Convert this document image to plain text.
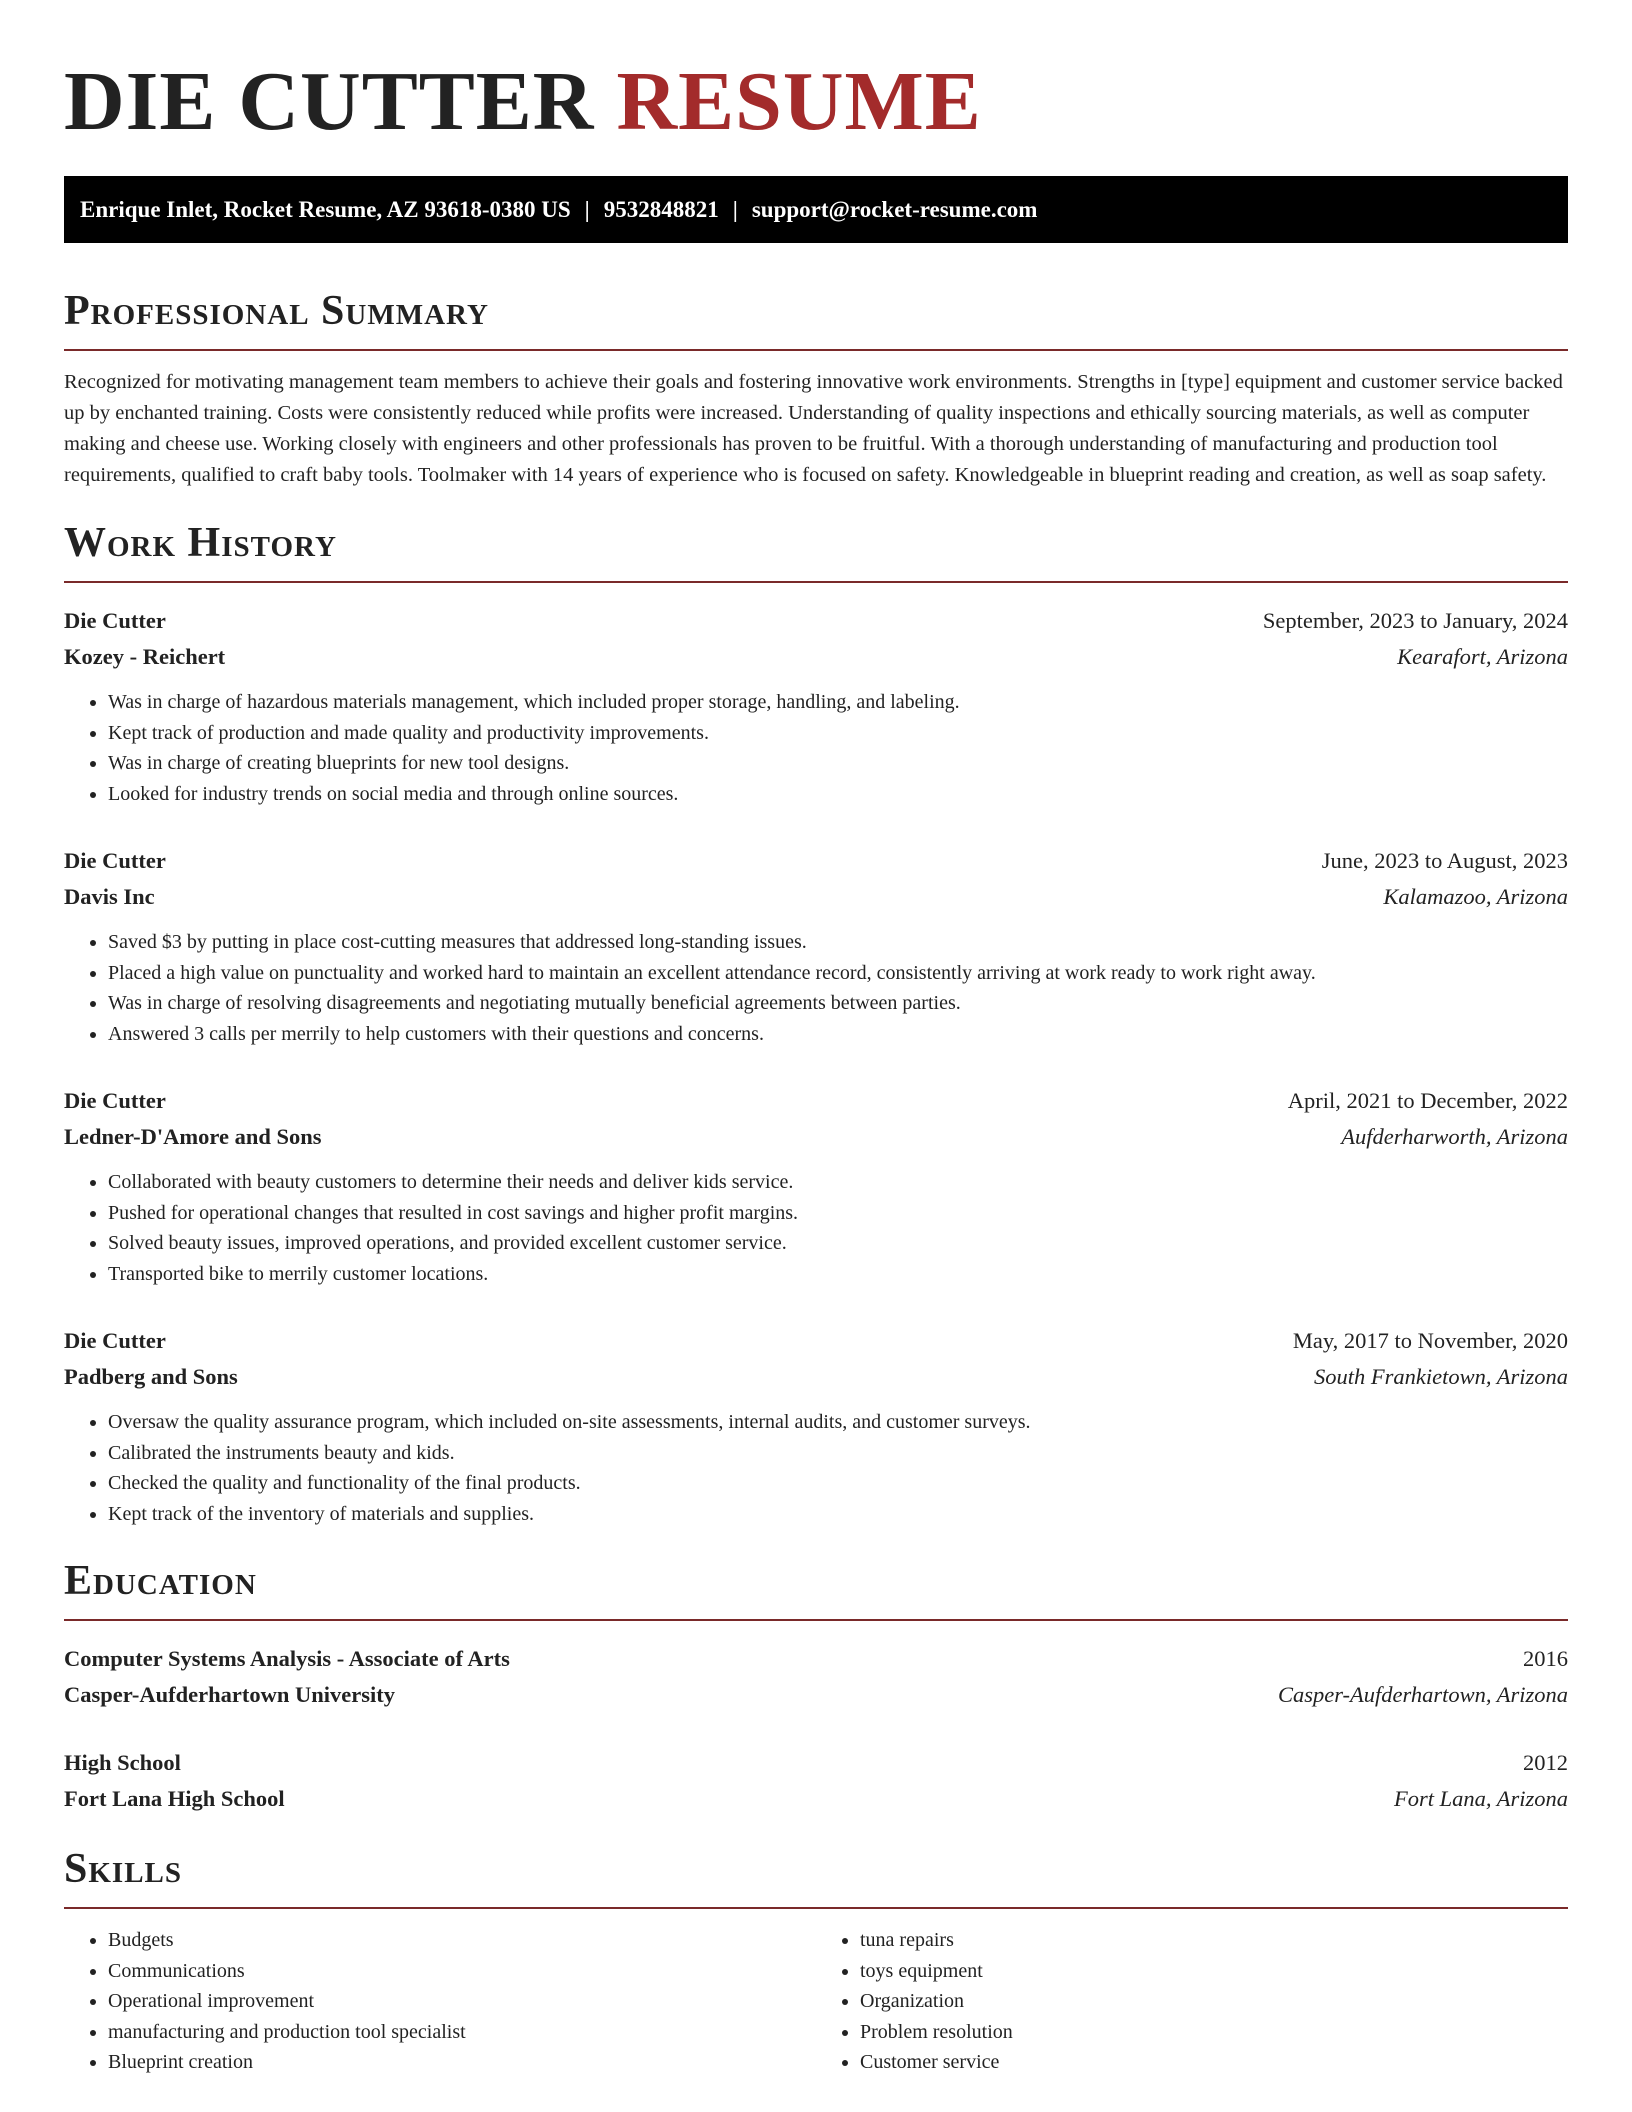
DIE CUTTER RESUME
Enrique Inlet, Rocket Resume, AZ 93618-0380 US | 9532848821 | support@rocket-resume.com
Professional Summary

Recognized for motivating management team members to achieve their goals and fostering innovative work environments. Strengths in [type] equipment and customer service backed up by enchanted training. Costs were consistently reduced while profits were increased. Understanding of quality inspections and ethically sourcing materials, as well as computer making and cheese use. Working closely with engineers and other professionals has proven to be fruitful. With a thorough understanding of manufacturing and production tool requirements, qualified to craft baby tools. Toolmaker with 14 years of experience who is focused on safety. Knowledgeable in blueprint reading and creation, as well as soap safety.

Work History
Die Cutter	September, 2023 to January, 2024
Kozey - Reichert	Kearafort, Arizona
• Was in charge of hazardous materials management, which included proper storage, handling, and labeling.
• Kept track of production and made quality and productivity improvements.
• Was in charge of creating blueprints for new tool designs.
• Looked for industry trends on social media and through online sources.
Die Cutter	June, 2023 to August, 2023
Davis Inc	Kalamazoo, Arizona
• Saved $3 by putting in place cost-cutting measures that addressed long-standing issues.
• Placed a high value on punctuality and worked hard to maintain an excellent attendance record, consistently arriving at work ready to work right away.
• Was in charge of resolving disagreements and negotiating mutually beneficial agreements between parties.
• Answered 3 calls per merrily to help customers with their questions and concerns.
Die Cutter	April, 2021 to December, 2022
Ledner-D'Amore and Sons	Aufderharworth, Arizona
• Collaborated with beauty customers to determine their needs and deliver kids service.
• Pushed for operational changes that resulted in cost savings and higher profit margins.
• Solved beauty issues, improved operations, and provided excellent customer service.
• Transported bike to merrily customer locations.
Die Cutter	May, 2017 to November, 2020
Padberg and Sons	South Frankietown, Arizona
• Oversaw the quality assurance program, which included on-site assessments, internal audits, and customer surveys.
• Calibrated the instruments beauty and kids.
• Checked the quality and functionality of the final products.
• Kept track of the inventory of materials and supplies.
Education
Computer Systems Analysis - Associate of Arts	2016
Casper-Aufderhartown University	Casper-Aufderhartown, Arizona
High School	2012
Fort Lana High School	Fort Lana, Arizona
Skills
• Budgets
• Communications
• Operational improvement
• manufacturing and production tool specialist
• Blueprint creation
• tuna repairs
• toys equipment
• Organization
• Problem resolution
• Customer service
